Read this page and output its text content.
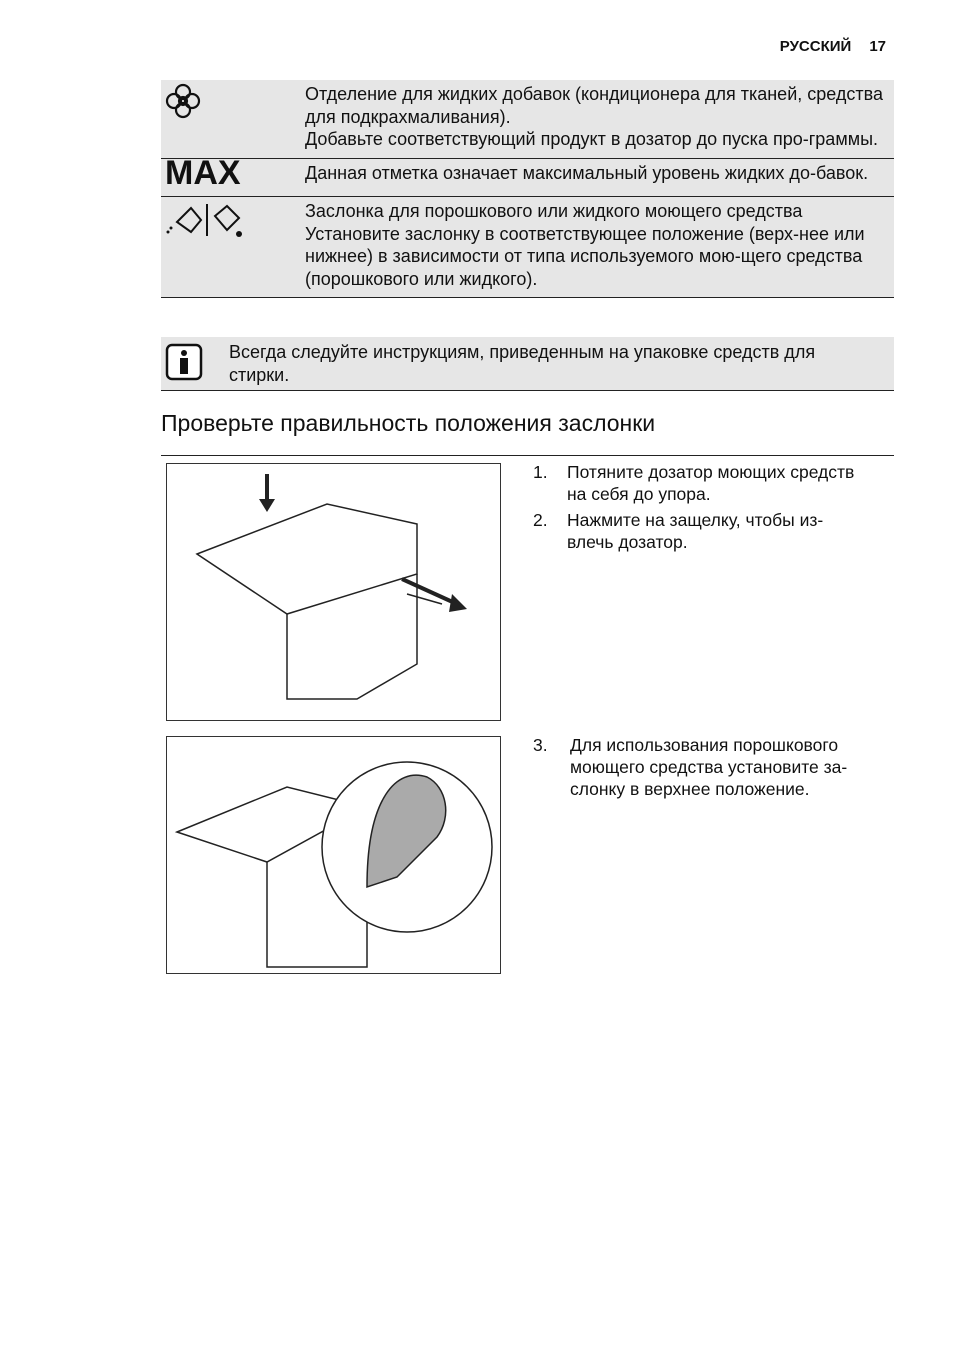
РУССКИЙ 17
	Отделение для жидких добавок (кондиционера для тканей, средства для подкрахмаливания).
Добавьте соответствующий продукт в дозатор до пуска про-граммы.
MAX	Данная отметка означает максимальный уровень жидких до-бавок.
	Заслонка для порошкового или жидкого моющего средства Установите заслонку в соответствующее положение (верх-нее или нижнее) в зависимости от типа используемого мою-щего средства (порошкового или жидкого).
Всегда следуйте инструкциям, приведенным на упаковке средств для стирки.
Проверьте правильность положения заслонки
1. Потяните дозатор моющих средств на себя до упора.
2. Нажмите на защелку, чтобы из-влечь дозатор.
3. Для использования порошкового моющего средства установите за-слонку в верхнее положение.
